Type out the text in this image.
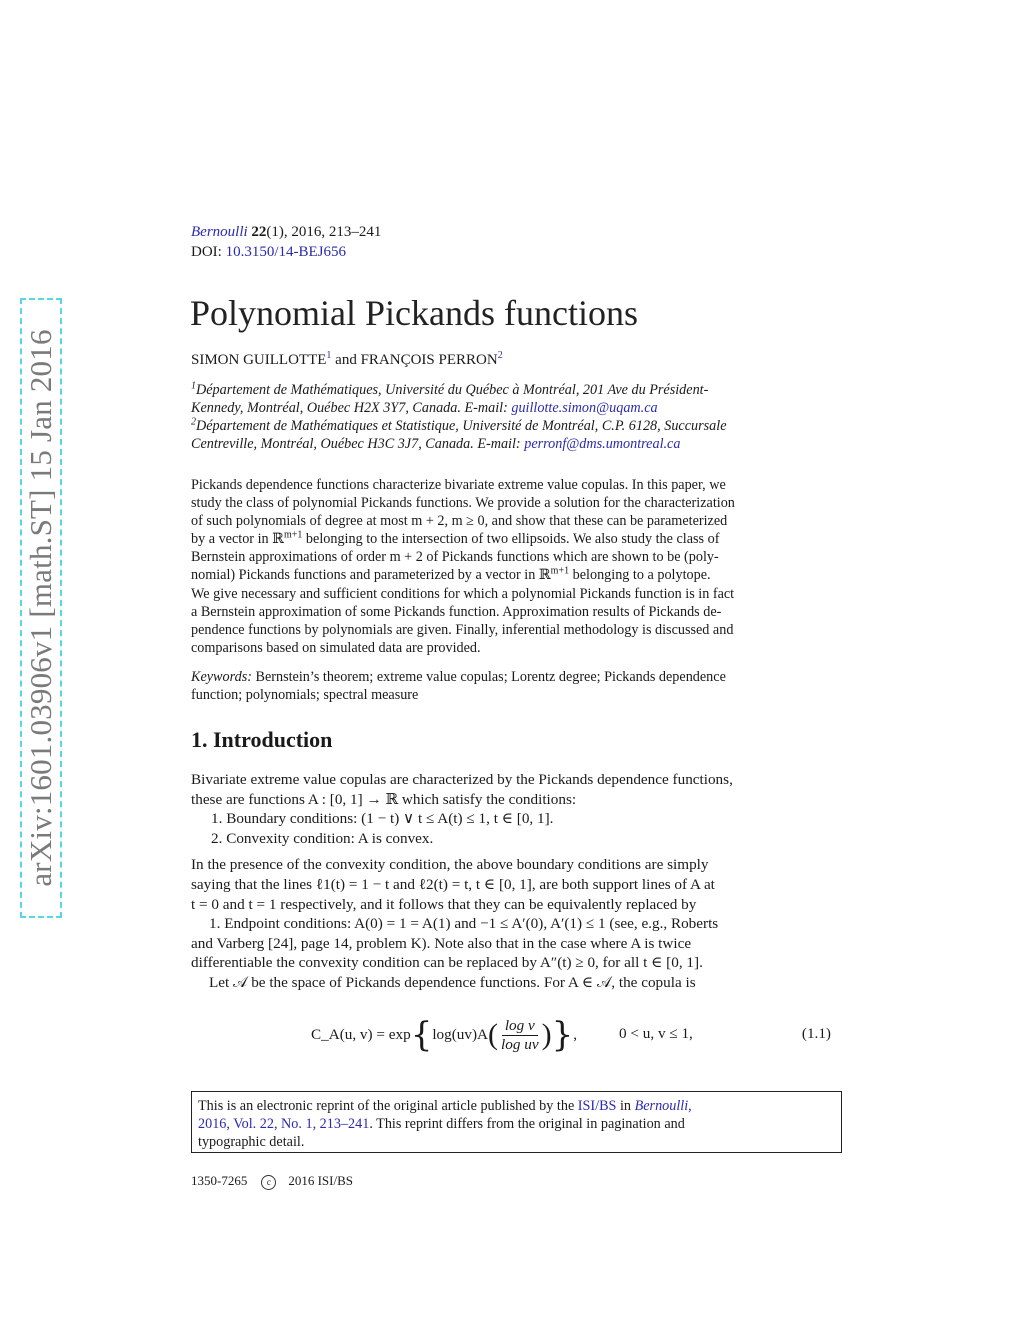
arXiv:1601.03906v1 [math.ST] 15 Jan 2016
Bernoulli 22(1), 2016, 213–241
DOI: 10.3150/14-BEJ656
Polynomial Pickands functions
SIMON GUILLOTTE$^1$ and FRANÇOIS PERRON$^2$
$^1$Département de Mathématiques, Université du Québec à Montréal, 201 Ave du Président-
Kennedy, Montréal, Ouébec H2X 3Y7, Canada. E-mail: guillotte.simon@uqam.ca
$^2$Département de Mathématiques et Statistique, Université de Montréal, C.P. 6128, Succursale
Centreville, Montréal, Ouébec H3C 3J7, Canada. E-mail: perronf@dms.umontreal.ca
Pickands dependence functions characterize bivariate extreme value copulas. In this paper, we
study the class of polynomial Pickands functions. We provide a solution for the characterization
of such polynomials of degree at most m + 2, m ≥ 0, and show that these can be parameterized
by a vector in ℝ$^{m+1}$ belonging to the intersection of two ellipsoids. We also study the class of
Bernstein approximations of order m + 2 of Pickands functions which are shown to be (poly-
nomial) Pickands functions and parameterized by a vector in ℝ$^{m+1}$ belonging to a polytope.
We give necessary and sufficient conditions for which a polynomial Pickands function is in fact
a Bernstein approximation of some Pickands function. Approximation results of Pickands de-
pendence functions by polynomials are given. Finally, inferential methodology is discussed and
comparisons based on simulated data are provided.
Keywords: Bernstein’s theorem; extreme value copulas; Lorentz degree; Pickands dependence
function; polynomials; spectral measure
1. Introduction
Bivariate extreme value copulas are characterized by the Pickands dependence functions,
these are functions A : [0, 1] → ℝ which satisfy the conditions:
1. Boundary conditions: (1 − t) ∨ t ≤ A(t) ≤ 1, t ∈ [0, 1].
2. Convexity condition: A is convex.
In the presence of the convexity condition, the above boundary conditions are simply
saying that the lines ℓ1(t) = 1 − t and ℓ2(t) = t, t ∈ [0, 1], are both support lines of A at
t = 0 and t = 1 respectively, and it follows that they can be equivalently replaced by
1. Endpoint conditions: A(0) = 1 = A(1) and −1 ≤ A′(0), A′(1) ≤ 1 (see, e.g., Roberts
and Varberg [24], page 14, problem K). Note also that in the case where A is twice
differentiable the convexity condition can be replaced by A″(t) ≥ 0, for all t ∈ [0, 1].
Let 𝒜 be the space of Pickands dependence functions. For A ∈ 𝒜, the copula is
C_A(u, v) = exp { log(uv)A ( $\frac{\text{log v}}{\text{log uv}}$ ) } ,	0 < u, v ≤ 1,	(1.1)
This is an electronic reprint of the original article published by the ISI/BS in Bernoulli,
2016, Vol. 22, No. 1, 213–241. This reprint differs from the original in pagination and
typographic detail.
1350-7265 c 2016 ISI/BS
